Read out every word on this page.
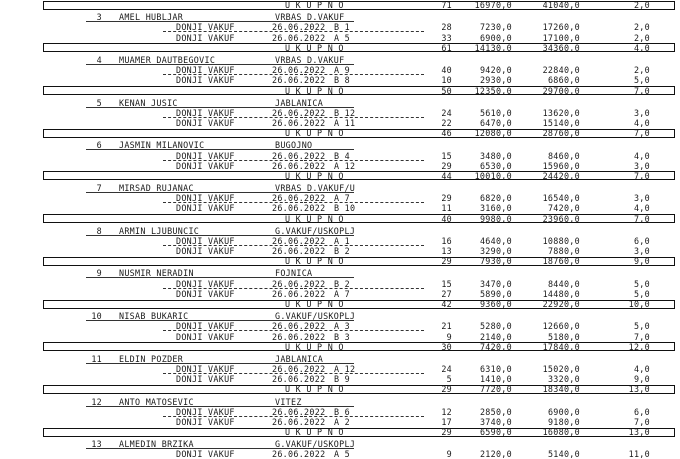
U K U P N O	71	16970,0	41040,0	2,0
3 AMEL HUBLJAR	VRBAS D.VAKUF
DONJI VAKUF	26.06.2022 B 1	28	7230,0	17260,0	2,0
DONJI VAKUF	26.06.2022 A 5	33	6900,0	17100,0	2,0
U K U P N O	61	14130,0	34360,0	4,0
4 MUAMER DAUTBEGOVIC	VRBAS D.VAKUF
DONJI VAKUF	26.06.2022 A 9	40	9420,0	22840,0	2,0
DONJI VAKUF	26.06.2022 B 8	10	2930,0	6860,0	5,0
U K U P N O	50	12350,0	29700,0	7,0
5 KENAN JUSIC	JABLANICA
DONJI VAKUF	26.06.2022 B 12	24	5610,0	13620,0	3,0
DONJI VAKUF	26.06.2022 A 11	22	6470,0	15140,0	4,0
U K U P N O	46	12080,0	28760,0	7,0
6 JASMIN MILANOVIC	BUGOJNO
DONJI VAKUF	26.06.2022 B 4	15	3480,0	8460,0	4,0
DONJI VAKUF	26.06.2022 A 12	29	6530,0	15960,0	3,0
U K U P N O	44	10010,0	24420,0	7,0
7 MIRSAD RUJANAC	VRBAS D.VAKUF/U
DONJI VAKUF	26.06.2022 A 7	29	6820,0	16540,0	3,0
DONJI VAKUF	26.06.2022 B 10	11	3160,0	7420,0	4,0
U K U P N O	40	9980,0	23960,0	7,0
8 ARMIN LJUBUNCIC	G.VAKUF/USKOPLJ
DONJI VAKUF	26.06.2022 A 1	16	4640,0	10880,0	6,0
DONJI VAKUF	26.06.2022 B 2	13	3290,0	7880,0	3,0
U K U P N O	29	7930,0	18760,0	9,0
9 NUSMIR NERADIN	FOJNICA
DONJI VAKUF	26.06.2022 B 2	15	3470,0	8440,0	5,0
DONJI VAKUF	26.06.2022 A 7	27	5890,0	14480,0	5,0
U K U P N O	42	9360,0	22920,0	10,0
10 NISAB BUKARIC	G.VAKUF/USKOPLJ
DONJI VAKUF	26.06.2022 A 3	21	5280,0	12660,0	5,0
DONJI VAKUF	26.06.2022 B 3	9	2140,0	5180,0	7,0
U K U P N O	30	7420,0	17840,0	12,0
11 ELDIN POZDER	JABLANICA
DONJI VAKUF	26.06.2022 A 12	24	6310,0	15020,0	4,0
DONJI VAKUF	26.06.2022 B 9	5	1410,0	3320,0	9,0
U K U P N O	29	7720,0	18340,0	13,0
12 ANTO MATOSEVIC	VITEZ
DONJI VAKUF	26.06.2022 B 6	12	2850,0	6900,0	6,0
DONJI VAKUF	26.06.2022 A 2	17	3740,0	9180,0	7,0
U K U P N O	29	6590,0	16080,0	13,0
13 ALMEDIN BRZIKA	G.VAKUF/USKOPLJ
DONJI VAKUF	26.06.2022 A 5	9	2120,0	5140,0	11,0
